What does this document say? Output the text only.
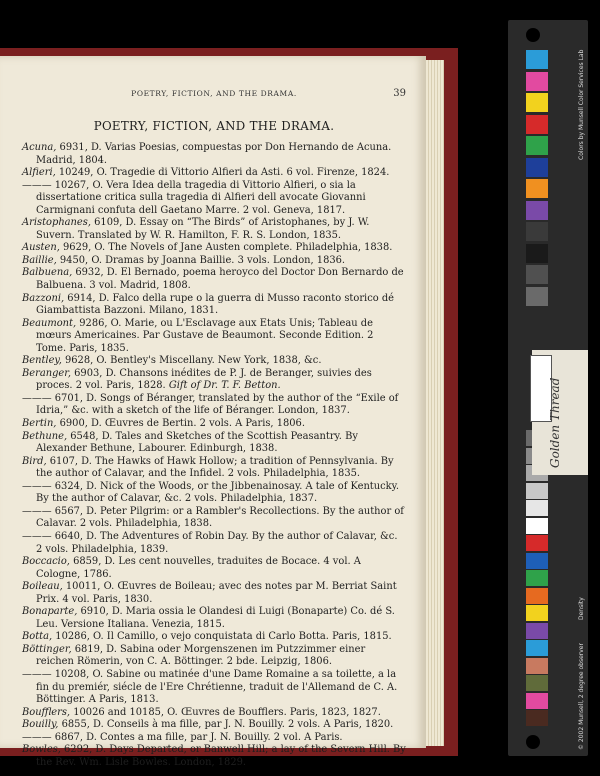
POETRY, FICTION, AND THE DRAMA.	39
POETRY, FICTION, AND THE DRAMA.
Acuna, 6931, D. Varias Poesias, compuestas por Don Hernando de Acuna. Madrid, 1804.
Alfieri, 10249, O. Tragedie di Vittorio Alfieri da Asti. 6 vol. Firenze, 1824.
——— 10267, O. Vera Idea della tragedia di Vittorio Alfieri, o sia la dissertatione critica sulla tragedia di Alfieri dell avocate Giovanni Carmignani confuta dell Gaetano Marre. 2 vol. Geneva, 1817.
Aristophanes, 6109, D. Essay on “The Birds” of Aristophanes, by J. W. Suvern. Translated by W. R. Hamilton, F. R. S. London, 1835.
Austen, 9629, O. The Novels of Jane Austen complete. Philadelphia, 1838.
Baillie, 9450, O. Dramas by Joanna Baillie. 3 vols. London, 1836.
Balbuena, 6932, D. El Bernado, poema heroyco del Doctor Don Bernardo de Balbuena. 3 vol. Madrid, 1808.
Bazzoni, 6914, D. Falco della rupe o la guerra di Musso raconto storico dé Giambattista Bazzoni. Milano, 1831.
Beaumont, 9286, O. Marie, ou L'Esclavage aux Etats Unis; Tableau de mœurs Americaines. Par Gustave de Beaumont. Seconde Edition. 2 Tome. Paris, 1835.
Bentley, 9628, O. Bentley's Miscellany. New York, 1838, &c.
Beranger, 6903, D. Chansons inédites de P. J. de Beranger, suivies des proces. 2 vol. Paris, 1828. Gift of Dr. T. F. Betton.
——— 6701, D. Songs of Béranger, translated by the author of the “Exile of Idria,” &c. with a sketch of the life of Béranger. London, 1837.
Bertin, 6900, D. Œuvres de Bertin. 2 vols. A Paris, 1806.
Bethune, 6548, D. Tales and Sketches of the Scottish Peasantry. By Alexander Bethune, Labourer. Edinburgh, 1838.
Bird, 6107, D. The Hawks of Hawk Hollow; a tradition of Pennsylvania. By the author of Calavar, and the Infidel. 2 vols. Philadelphia, 1835.
——— 6324, D. Nick of the Woods, or the Jibbenainosay. A tale of Kentucky. By the author of Calavar, &c. 2 vols. Philadelphia, 1837.
——— 6567, D. Peter Pilgrim: or a Rambler's Recollections. By the author of Calavar. 2 vols. Philadelphia, 1838.
——— 6640, D. The Adventures of Robin Day. By the author of Calavar, &c. 2 vols. Philadelphia, 1839.
Boccacio, 6859, D. Les cent nouvelles, traduites de Bocace. 4 vol. A Cologne, 1786.
Boileau, 10011, O. Œuvres de Boileau; avec des notes par M. Berriat Saint Prix. 4 vol. Paris, 1830.
Bonaparte, 6910, D. Maria ossia le Olandesi di Luigi (Bonaparte) Co. dé S. Leu. Versione Italiana. Venezia, 1815.
Botta, 10286, O. Il Camillo, o vejo conquistata di Carlo Botta. Paris, 1815.
Böttinger, 6819, D. Sabina oder Morgenszenen im Putzzimmer einer reichen Römerin, von C. A. Böttinger. 2 bde. Leipzig, 1806.
——— 10208, O. Sabine ou matinée d'une Dame Romaine a sa toilette, a la fin du premiér, siécle de l'Ere Chrétienne, traduit de l'Allemand de C. A. Böttinger. A Paris, 1813.
Boufflers, 10026 and 10185, O. Œuvres de Boufflers. Paris, 1823, 1827.
Bouilly, 6855, D. Conseils à ma fille, par J. N. Bouilly. 2 vols. A Paris, 1820.
——— 6867, D. Contes a ma fille, par J. N. Bouilly. 2 vol. A Paris.
Bowles, 6292, D. Days Departed, or Banwell Hill; a lay of the Severn Hill. By the Rev. Wm. Lisle Bowles. London, 1829.
Golden Thread
Colors by Munsell Color Services Lab
Density
© 2002 Munsell, 2 degree observer
